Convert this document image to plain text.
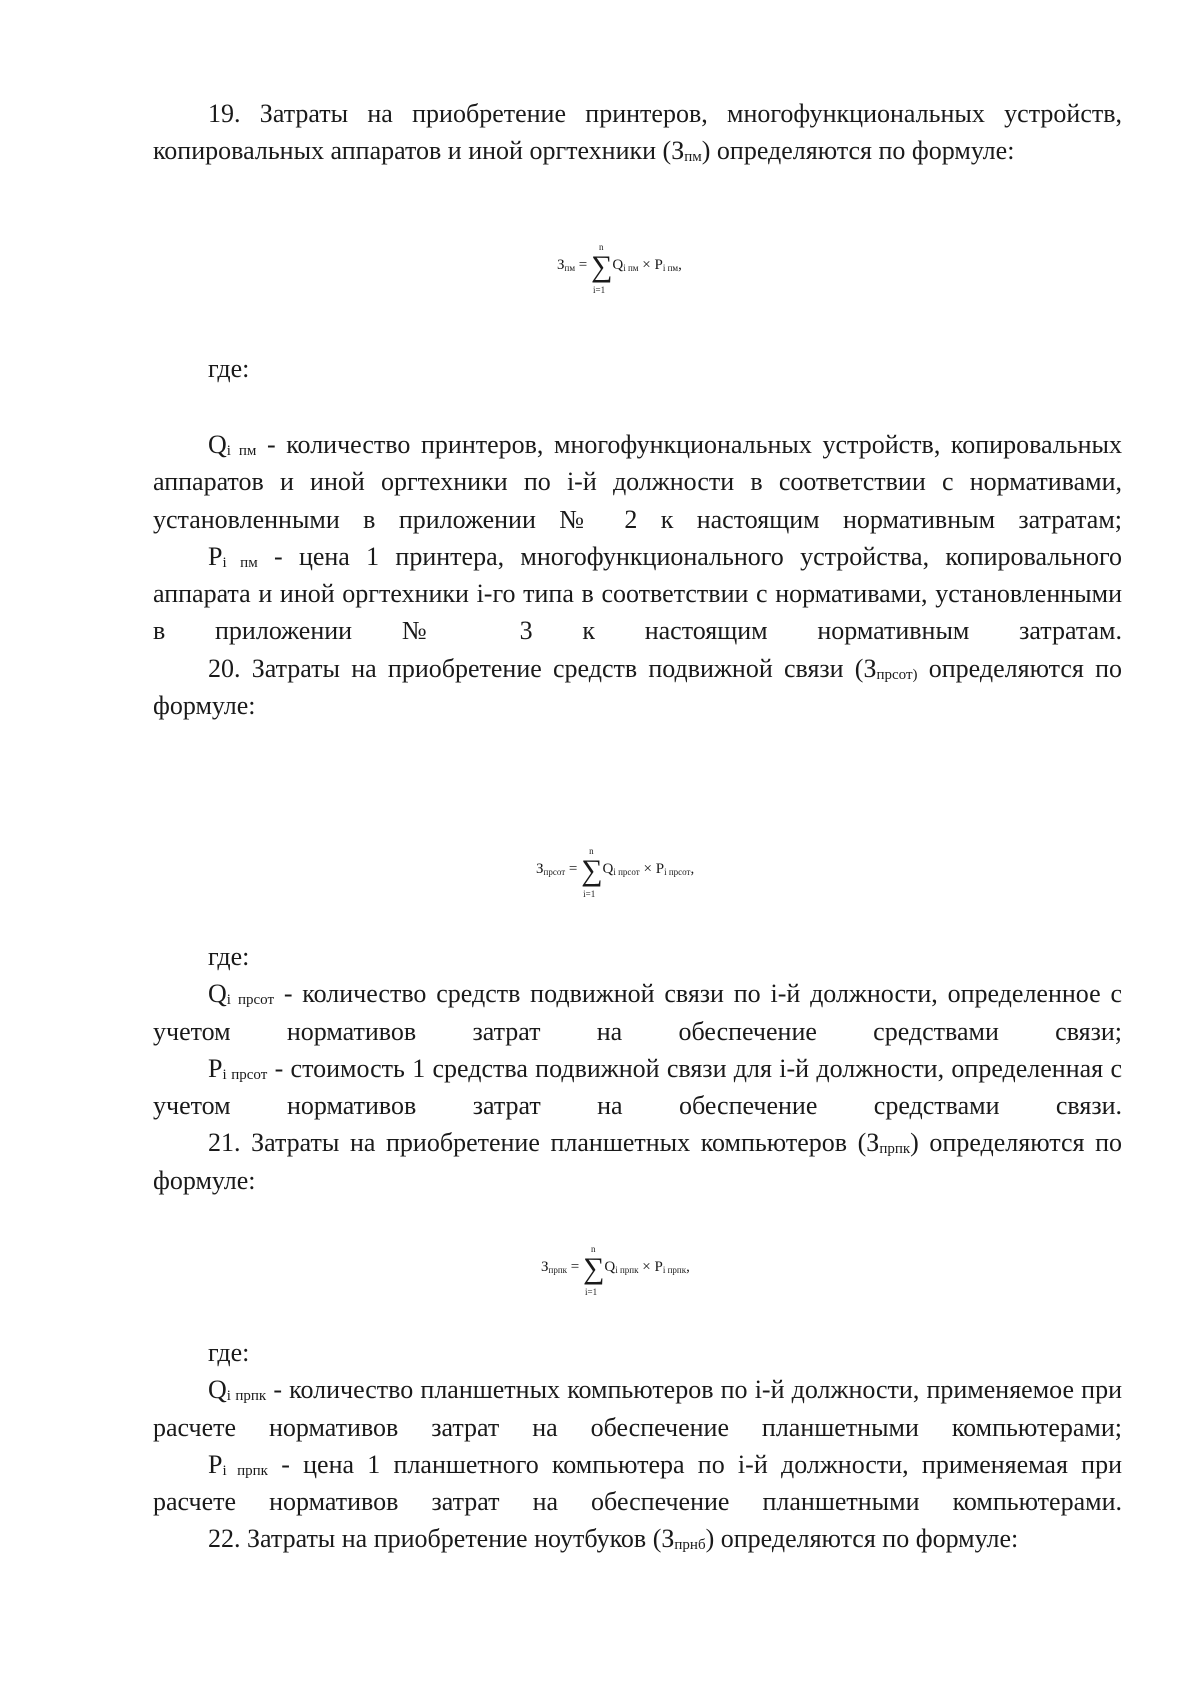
19. Затраты на приобретение принтеров, многофункциональных устройств, копировальных аппаратов и иной оргтехники $(З_{пм})$ определяются по формуле:

$З_{пм}$ = ∑
n
i=1
$Q_{i пм} \times P_{i пм}$,

где:

$Q_{i пм}$ - количество принтеров, многофункциональных устройств, копировальных аппаратов и иной оргтехники по i-й должности в соответствии с нормативами, установленными в приложении № 2 к настоящим нормативным затратам;

$P_{i пм}$ - цена 1 принтера, многофункционального устройства, копировального аппарата и иной оргтехники i-го типа в соответствии с нормативами, установленными в приложении № 3 к настоящим нормативным затратам.

20. Затраты на приобретение средств подвижной связи ($З_{прсот)}$ определяются по формуле:

$З_{прсот}$ = ∑
n
i=1
$Q_{i прсот} \times P_{i прсот}$,

где:

$Q_{i прсот}$ - количество средств подвижной связи по i-й должности, определенное с учетом нормативов затрат на обеспечение средствами связи;

$P_{i прсот}$ - стоимость 1 средства подвижной связи для i-й должности, определенная с учетом нормативов затрат на обеспечение средствами связи.

21. Затраты на приобретение планшетных компьютеров $(З_{прпк})$ определяются по формуле:

$З_{прпк}$ = ∑
n
i=1
$Q_{i прпк} \times P_{i прпк}$,

где:

$Q_{i прпк}$ - количество планшетных компьютеров по i-й должности, применяемое при расчете нормативов затрат на обеспечение планшетными компьютерами;

$P_{i прпк}$ - цена 1 планшетного компьютера по i-й должности, применяемая при расчете нормативов затрат на обеспечение планшетными компьютерами.

22. Затраты на приобретение ноутбуков $(З_{прнб})$ определяются по формуле:
